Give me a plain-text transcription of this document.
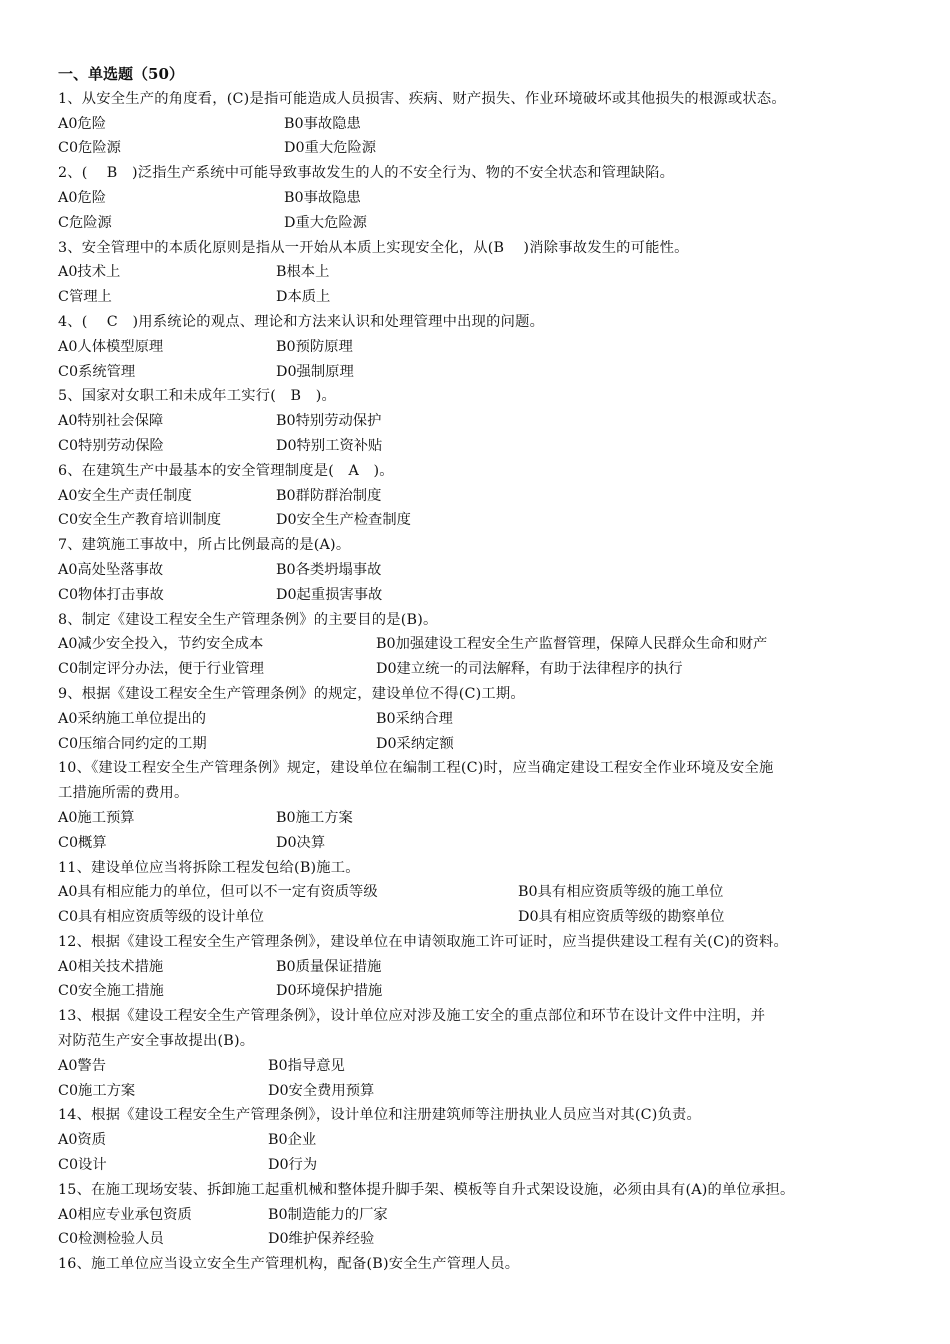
一、单选题（50）
1、从安全生产的角度看，(C)是指可能造成人员损害、疾病、财产损失、作业环境破坏或其他损失的根源或状态。
A0危险	B0事故隐患
C0危险源	D0重大危险源
2、(　 B　)泛指生产系统中可能导致事故发生的人的不安全行为、物的不安全状态和管理缺陷。
A0危险	B0事故隐患
C危险源	D重大危险源
3、安全管理中的本质化原则是指从一开始从本质上实现安全化，从(B　 )消除事故发生的可能性。
A0技术上	B根本上
C管理上	D本质上
4、(　 C　)用系统论的观点、理论和方法来认识和处理管理中出现的问题。
A0人体模型原理	B0预防原理
C0系统管理	D0强制原理
5、国家对女职工和未成年工实行(　B　)。
A0特别社会保障	B0特别劳动保护
C0特别劳动保险	D0特别工资补贴
6、在建筑生产中最基本的安全管理制度是(　A　)。
A0安全生产责任制度	B0群防群治制度
C0安全生产教育培训制度	D0安全生产检查制度
7、建筑施工事故中，所占比例最高的是(A)。
A0高处坠落事故	B0各类坍塌事故
C0物体打击事故	D0起重损害事故
8、制定《建设工程安全生产管理条例》的主要目的是(B)。
A0减少安全投入，节约安全成本	B0加强建设工程安全生产监督管理，保障人民群众生命和财产
C0制定评分办法，便于行业管理	D0建立统一的司法解释，有助于法律程序的执行
9、根据《建设工程安全生产管理条例》的规定，建设单位不得(C)工期。
A0采纳施工单位提出的	B0采纳合理
C0压缩合同约定的工期	D0采纳定额
10、《建设工程安全生产管理条例》规定，建设单位在编制工程(C)时，应当确定建设工程安全作业环境及安全施
工措施所需的费用。
A0施工预算	B0施工方案
C0概算	D0决算
11、建设单位应当将拆除工程发包给(B)施工。
A0具有相应能力的单位，但可以不一定有资质等级	B0具有相应资质等级的施工单位
C0具有相应资质等级的设计单位	D0具有相应资质等级的勘察单位
12、根据《建设工程安全生产管理条例》，建设单位在申请领取施工许可证时，应当提供建设工程有关(C)的资料。
A0相关技术措施	B0质量保证措施
C0安全施工措施	D0环境保护措施
13、根据《建设工程安全生产管理条例》，设计单位应对涉及施工安全的重点部位和环节在设计文件中注明，并
对防范生产安全事故提出(B)。
A0警告	B0指导意见
C0施工方案	D0安全费用预算
14、根据《建设工程安全生产管理条例》，设计单位和注册建筑师等注册执业人员应当对其(C)负责。
A0资质	B0企业
C0设计	D0行为
15、在施工现场安装、拆卸施工起重机械和整体提升脚手架、模板等自升式架设设施，必须由具有(A)的单位承担。
A0相应专业承包资质	B0制造能力的厂家
C0检测检验人员	D0维护保养经验
16、施工单位应当设立安全生产管理机构，配备(B)安全生产管理人员。
